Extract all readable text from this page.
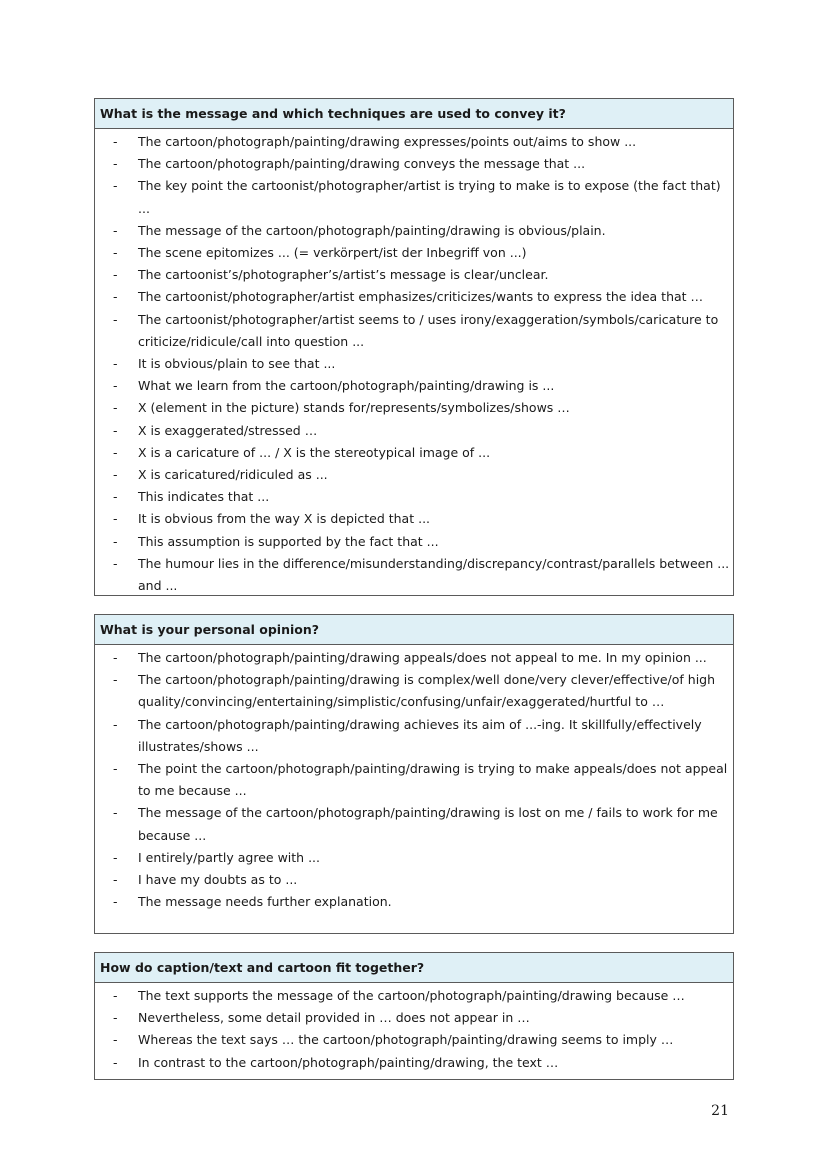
What is the message and which techniques are used to convey it?
- The cartoon/photograph/painting/drawing expresses/points out/aims to show ...
- The cartoon/photograph/painting/drawing conveys the message that ...
- The key point the cartoonist/photographer/artist is trying to make is to expose (the fact that) ...
- The message of the cartoon/photograph/painting/drawing is obvious/plain.
- The scene epitomizes ... (= verkörpert/ist der Inbegriff von ...)
- The cartoonist’s/photographer’s/artist’s message is clear/unclear.
- The cartoonist/photographer/artist emphasizes/criticizes/wants to express the idea that …
- The cartoonist/photographer/artist seems to / uses irony/exaggeration/symbols/caricature to criticize/ridicule/call into question ...
- It is obvious/plain to see that ...
- What we learn from the cartoon/photograph/painting/drawing is ...
- X (element in the picture) stands for/represents/symbolizes/shows …
- X is exaggerated/stressed …
- X is a caricature of ... / X is the stereotypical image of ...
- X is caricatured/ridiculed as ...
- This indicates that ...
- It is obvious from the way X is depicted that ...
- This assumption is supported by the fact that ...
- The humour lies in the difference/misunderstanding/discrepancy/contrast/parallels between ... and ...
What is your personal opinion?
- The cartoon/photograph/painting/drawing appeals/does not appeal to me. In my opinion ...
- The cartoon/photograph/painting/drawing is complex/well done/very clever/effective/of high quality/convincing/entertaining/simplistic/confusing/unfair/exaggerated/hurtful to …
- The cartoon/photograph/painting/drawing achieves its aim of ...-ing. It skillfully/effectively illustrates/shows ...
- The point the cartoon/photograph/painting/drawing is trying to make appeals/does not appeal to me because ...
- The message of the cartoon/photograph/painting/drawing is lost on me / fails to work for me because ...
- I entirely/partly agree with ...
- I have my doubts as to ...
- The message needs further explanation.
How do caption/text and cartoon fit together?
- The text supports the message of the cartoon/photograph/painting/drawing because …
- Nevertheless, some detail provided in … does not appear in …
- Whereas the text says … the cartoon/photograph/painting/drawing seems to imply …
- In contrast to the cartoon/photograph/painting/drawing, the text …
21
